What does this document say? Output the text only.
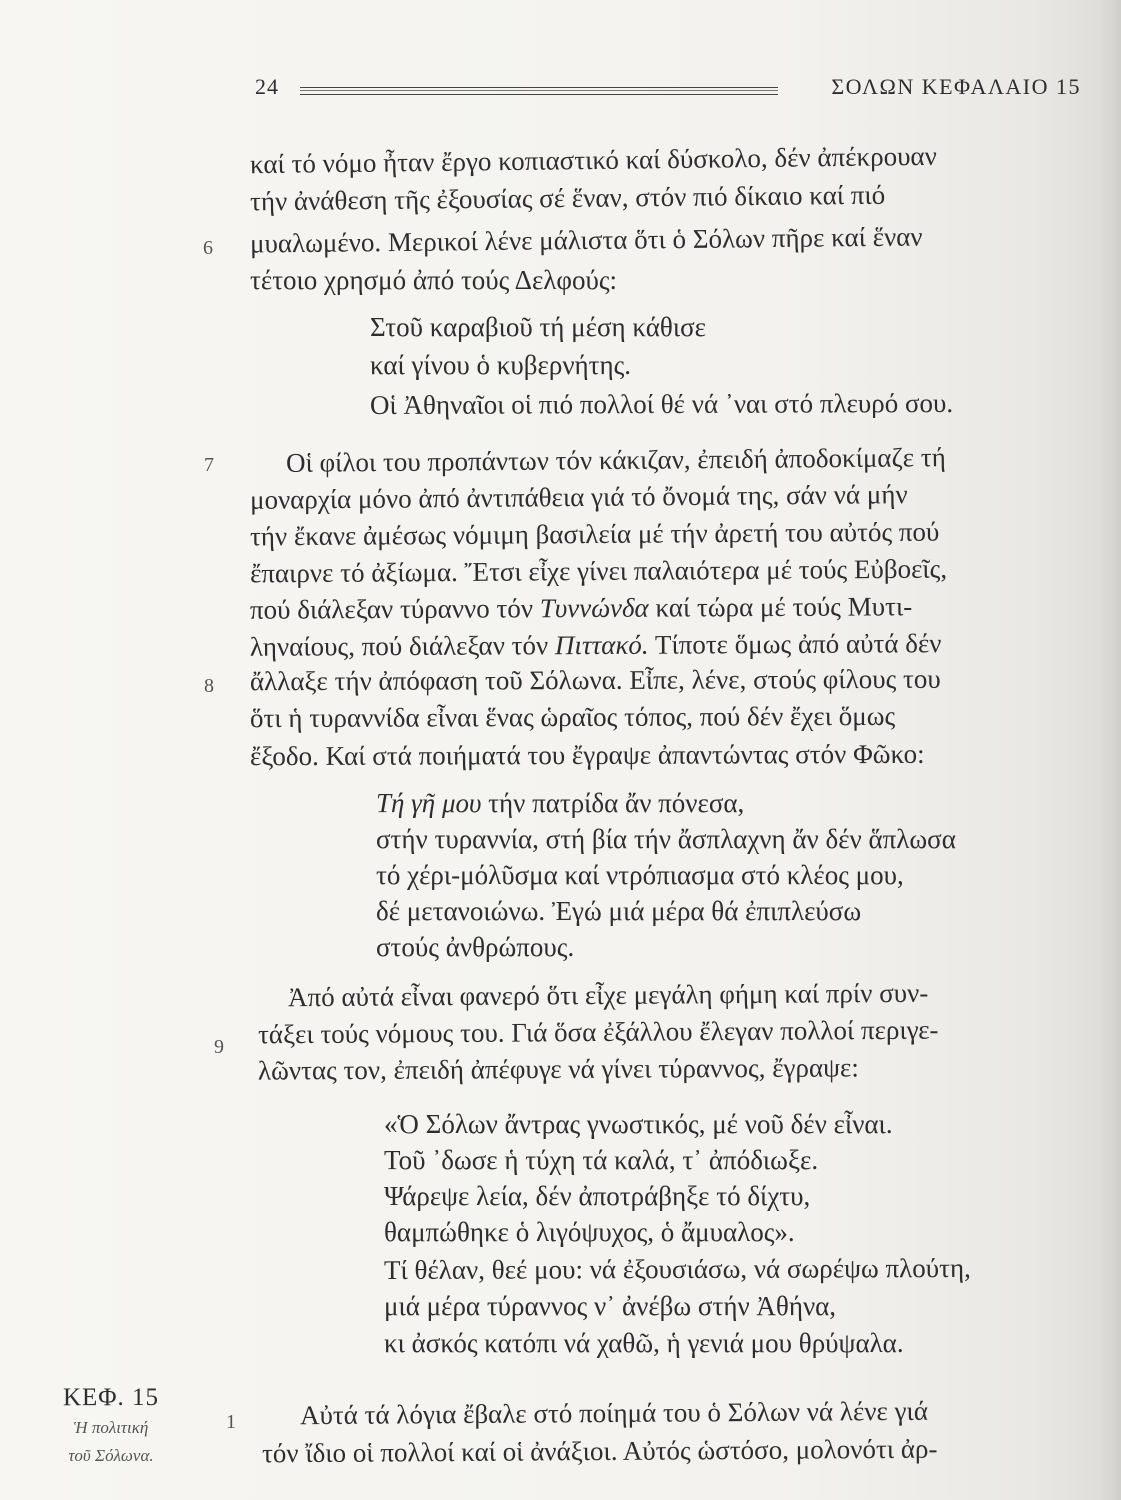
24	ΣΟΛΩΝ ΚΕΦΑΛΑΙΟ 15
καί τό νόμο ἦταν ἔργο κοπιαστικό καί δύσκολο, δέν ἀπέκρουαν
τήν ἀνάθεση τῆς ἐξουσίας σέ ἕναν, στόν πιό δίκαιο καί πιό
6 μυαλωμένο. Μερικοί λένε μάλιστα ὅτι ὁ Σόλων πῆρε καί ἕναν
τέτοιο χρησμό ἀπό τούς Δελφούς:
Στοῦ καραβιοῦ τή μέση κάθισε
καί γίνου ὁ κυβερνήτης.
Οἱ Ἀθηναῖοι οἱ πιό πολλοί θέ νά ᾽ναι στό πλευρό σου.
7	Οἱ φίλοι του προπάντων τόν κάκιζαν, ἐπειδή ἀποδοκίμαζε τή
μοναρχία μόνο ἀπό ἀντιπάθεια γιά τό ὄνομά της, σάν νά μήν
τήν ἔκανε ἀμέσως νόμιμη βασιλεία μέ τήν ἀρετή του αὐτός πού
ἔπαιρνε τό ἀξίωμα. Ἔτσι εἶχε γίνει παλαιότερα μέ τούς Εὐβοεῖς,
πού διάλεξαν τύραννο τόν Τυννώνδα καί τώρα μέ τούς Μυτι-
ληναίους, πού διάλεξαν τόν Πιττακό. Τίποτε ὅμως ἀπό αὐτά δέν
8 ἄλλαξε τήν ἀπόφαση τοῦ Σόλωνα. Εἶπε, λένε, στούς φίλους του
ὅτι ἡ τυραννίδα εἶναι ἕνας ὡραῖος τόπος, πού δέν ἔχει ὅμως
ἔξοδο. Καί στά ποιήματά του ἔγραψε ἀπαντώντας στόν Φῶκο:
Τή γῆ μου τήν πατρίδα ἄν πόνεσα,
στήν τυραννία, στή βία τήν ἄσπλαχνη ἄν δέν ἅπλωσα
τό χέρι-μόλῦσμα καί ντρόπιασμα στό κλέος μου,
δέ μετανοιώνω. Ἐγώ μιά μέρα θά ἐπιπλεύσω
στούς ἀνθρώπους.
Ἀπό αὐτά εἶναι φανερό ὅτι εἶχε μεγάλη φήμη καί πρίν συν-
9 τάξει τούς νόμους του. Γιά ὅσα ἐξάλλου ἔλεγαν πολλοί περιγε-
λῶντας τον, ἐπειδή ἀπέφυγε νά γίνει τύραννος, ἔγραψε:
«Ὁ Σόλων ἄντρας γνωστικός, μέ νοῦ δέν εἶναι.
Τοῦ ᾽δωσε ἡ τύχη τά καλά, τ᾽ ἀπόδιωξε.
Ψάρεψε λεία, δέν ἀποτράβηξε τό δίχτυ,
θαμπώθηκε ὁ λιγόψυχος, ὁ ἄμυαλος».
Τί θέλαν, θεέ μου: νά ἐξουσιάσω, νά σωρέψω πλούτη,
μιά μέρα τύραννος ν᾽ ἀνέβω στήν Ἀθήνα,
κι ἀσκός κατόπι νά χαθῶ, ἡ γενιά μου θρύψαλα.
ΚΕΦ. 15
Ἡ πολιτική
τοῦ Σόλωνα.
1 Αὐτά τά λόγια ἔβαλε στό ποίημά του ὁ Σόλων νά λένε γιά
τόν ἴδιο οἱ πολλοί καί οἱ ἀνάξιοι. Αὐτός ὡστόσο, μολονότι ἀρ-
